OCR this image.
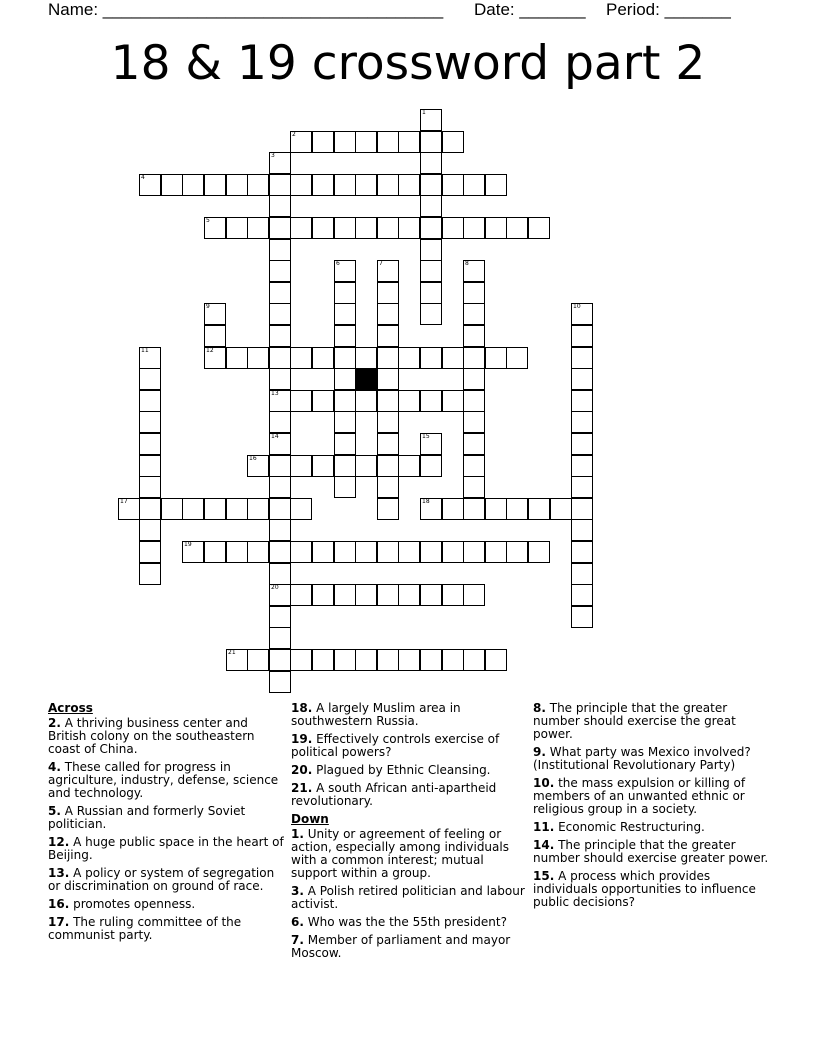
Name: ____________________________________ Date: _______ Period: _______
18 & 19 crossword part 2
1
2
3
13
14
20
4
5
6	7	8
9
12
10
11
15
16
17	18
19
21
Across
2. A thriving business center and British colony on the southeastern coast of China.
4. These called for progress in agriculture, industry, defense, science and technology.
5. A Russian and formerly Soviet politician.
12. A huge public space in the heart of Beijing.
13. A policy or system of segregation or discrimination on ground of race.
16. promotes openness.
17. The ruling committee of the communist party.
18. A largely Muslim area in southwestern Russia.
19. Effectively controls exercise of political powers?
20. Plagued by Ethnic Cleansing.
21. A south African anti-apartheid revolutionary.
Down
1. Unity or agreement of feeling or action, especially among individuals with a common interest; mutual support within a group.
3. A Polish retired politician and labour activist.
6. Who was the the 55th president?
7. Member of parliament and mayor Moscow.
8. The principle that the greater number should exercise the great power.
9. What party was Mexico involved? (Institutional Revolutionary Party)
10. the mass expulsion or killing of members of an unwanted ethnic or religious group in a society.
11. Economic Restructuring.
14. The principle that the greater number should exercise greater power.
15. A process which provides individuals opportunities to influence public decisions?
